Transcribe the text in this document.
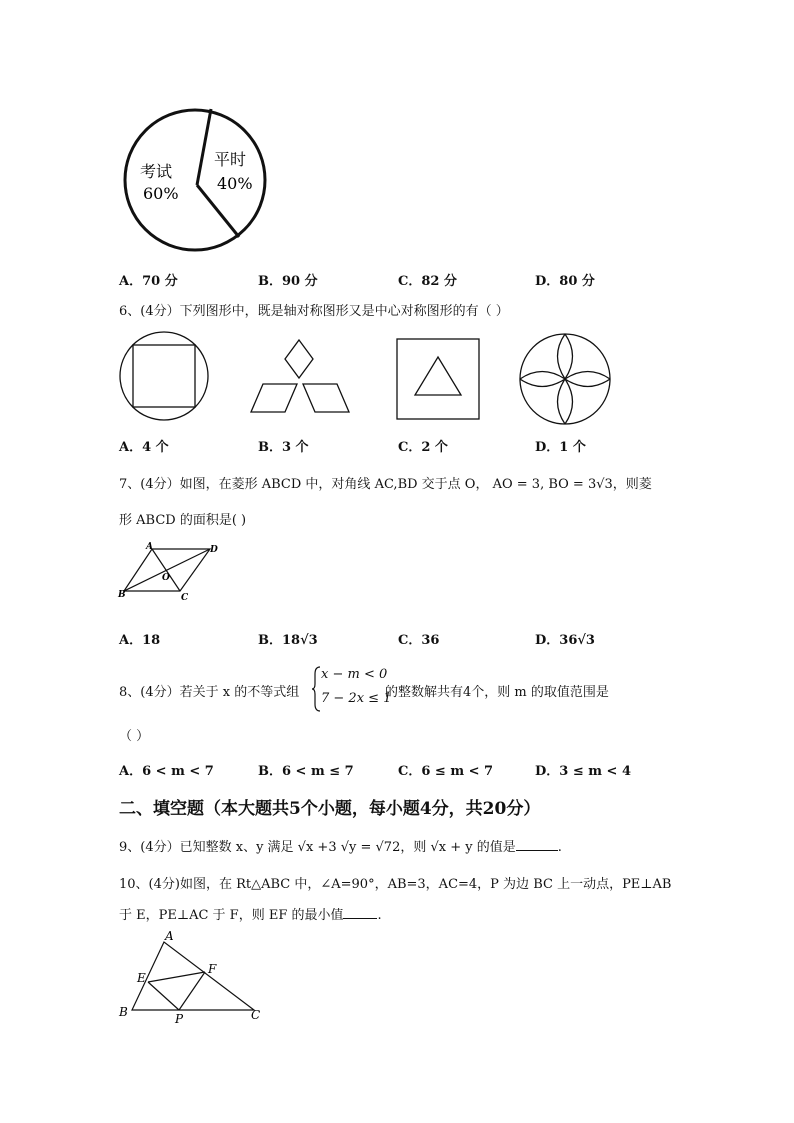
考试
60%
平时
40%
A．70 分	B．90 分	C．82 分	D．80 分
6、(4分）下列图形中，既是轴对称图形又是中心对称图形的有（ ）
A．4 个	B．3 个	C．2 个	D．1 个
7、(4分）如图，在菱形 ABCD 中，对角线 AC,BD 交于点 O， AO = 3, BO = 3√3，则菱
形 ABCD 的面积是( )
A	D
B	C
O
A．18	B．18√3	C．36	D．36√3
8、(4分）若关于 x 的不等式组
x − m < 0
7 − 2x ≤ 1
的整数解共有4个，则 m 的取值范围是
（ ）
A．6 < m < 7	B．6 < m ≤ 7	C．6 ≤ m < 7	D．3 ≤ m < 4
二、填空题（本大题共5个小题，每小题4分，共20分）
9、(4分）已知整数 x、y 满足 √x +3 √y = √72，则 √x + y 的值是	.
10、(4分)如图，在 Rt△ABC 中，∠A=90°，AB=3，AC=4，P 为边 BC 上一动点，PE⊥AB
于 E，PE⊥AC 于 F，则 EF 的最小值	.
A
E
F
B	P	C
